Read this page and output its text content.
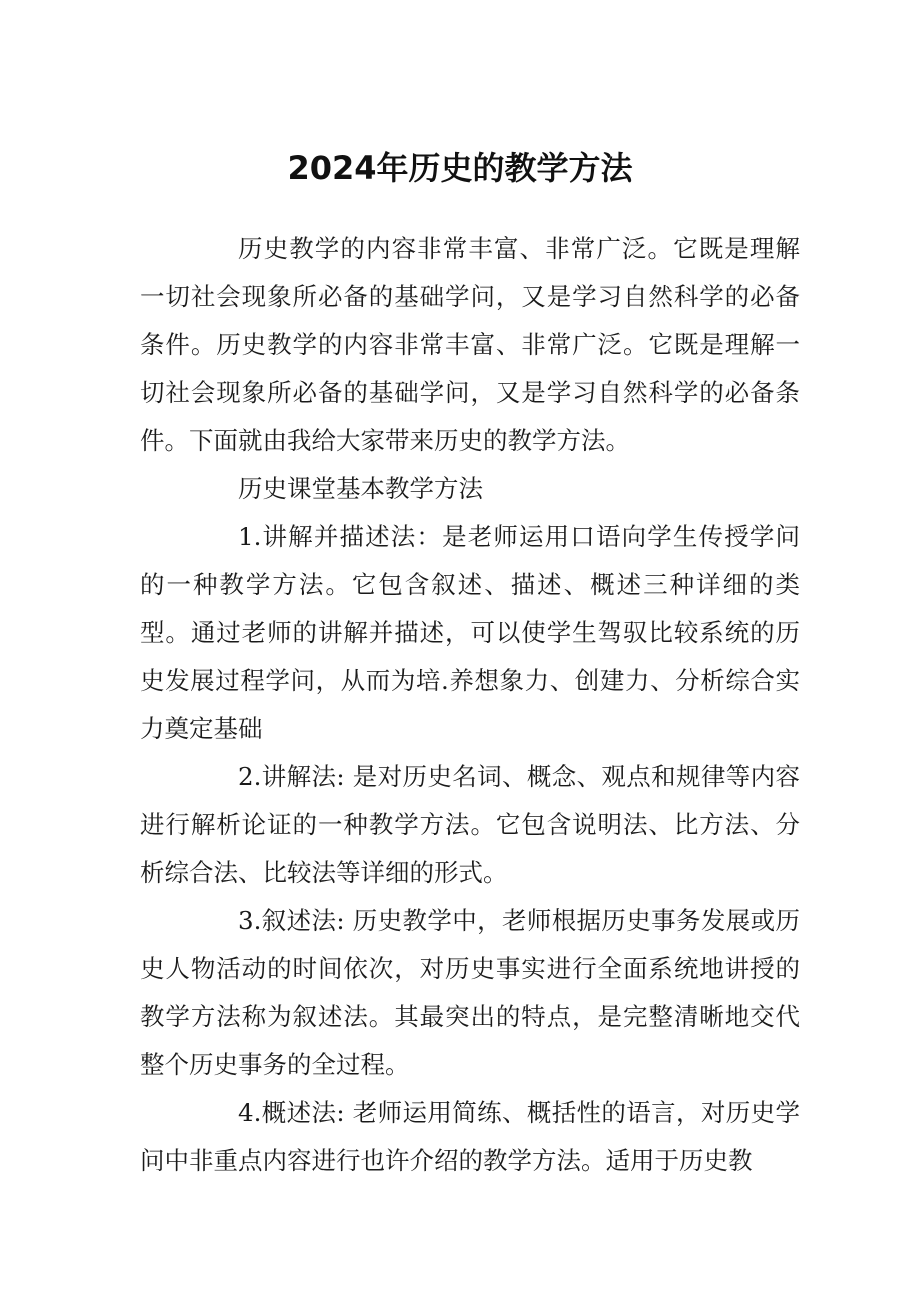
2024年历史的教学方法

历史教学的内容非常丰富、非常广泛。它既是理解一切社会现象所必备的基础学问，又是学习自然科学的必备条件。历史教学的内容非常丰富、非常广泛。它既是理解一切社会现象所必备的基础学问，又是学习自然科学的必备条件。下面就由我给大家带来历史的教学方法。

历史课堂基本教学方法

1.讲解并描述法：是老师运用口语向学生传授学问的一种教学方法。它包含叙述、描述、概述三种详细的类型。通过老师的讲解并描述，可以使学生驾驭比较系统的历史发展过程学问，从而为培.养想象力、创建力、分析综合实力奠定基础

2.讲解法: 是对历史名词、概念、观点和规律等内容进行解析论证的一种教学方法。它包含说明法、比方法、分析综合法、比较法等详细的形式。

3.叙述法: 历史教学中，老师根据历史事务发展或历史人物活动的时间依次，对历史事实进行全面系统地讲授的教学方法称为叙述法。其最突出的特点，是完整清晰地交代整个历史事务的全过程。

4.概述法: 老师运用简练、概括性的语言，对历史学问中非重点内容进行也许介绍的教学方法。适用于历史教
